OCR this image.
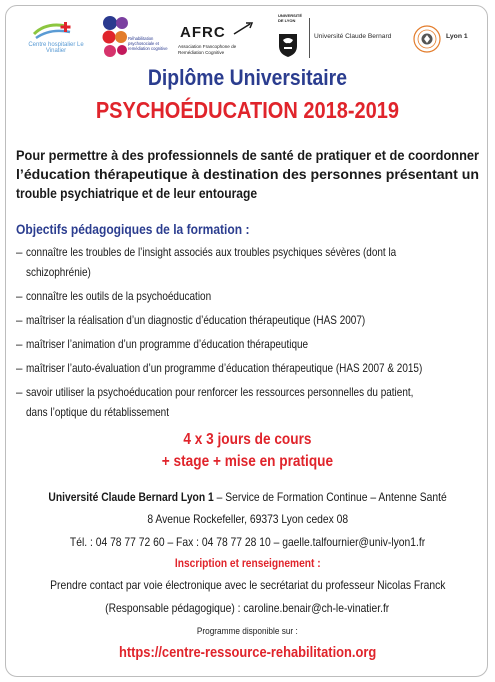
Centre hospitalier Le Vinatier
Réhabilitation psychosociale et remédiation cognitive
AFRC
Association Francophone de Remédiation Cognitive
UNIVERSITÉ DE LYON
Université Claude Bernard	Lyon 1
Diplôme Universitaire
PSYCHOÉDUCATION 2018-2019
Pour permettre à des professionnels de santé de pratiquer et de coordonner
l’éducation thérapeutique à destination des personnes présentant un
trouble psychiatrique et de leur entourage
Objectifs pédagogiques de la formation :
– connaître les troubles de l’insight associés aux troubles psychiques sévères (dont la
schizophrénie)
– connaître les outils de la psychoéducation
– maîtriser la réalisation d’un diagnostic d’éducation thérapeutique (HAS 2007)
– maîtriser l’animation d’un programme d’éducation thérapeutique
– maîtriser l’auto-évaluation d’un programme d’éducation thérapeutique (HAS 2007 & 2015)
– savoir utiliser la psychoéducation pour renforcer les ressources personnelles du patient,
dans l’optique du rétablissement
4 x 3 jours de cours
+ stage + mise en pratique
Université Claude Bernard Lyon 1 – Service de Formation Continue – Antenne Santé
8 Avenue Rockefeller, 69373 Lyon cedex 08
Tél. : 04 78 77 72 60 – Fax : 04 78 77 28 10 – gaelle.talfournier@univ-lyon1.fr
Inscription et renseignement :
Prendre contact par voie électronique avec le secrétariat du professeur Nicolas Franck
(Responsable pédagogique) : caroline.benair@ch-le-vinatier.fr
Programme disponible sur :
https://centre-ressource-rehabilitation.org
